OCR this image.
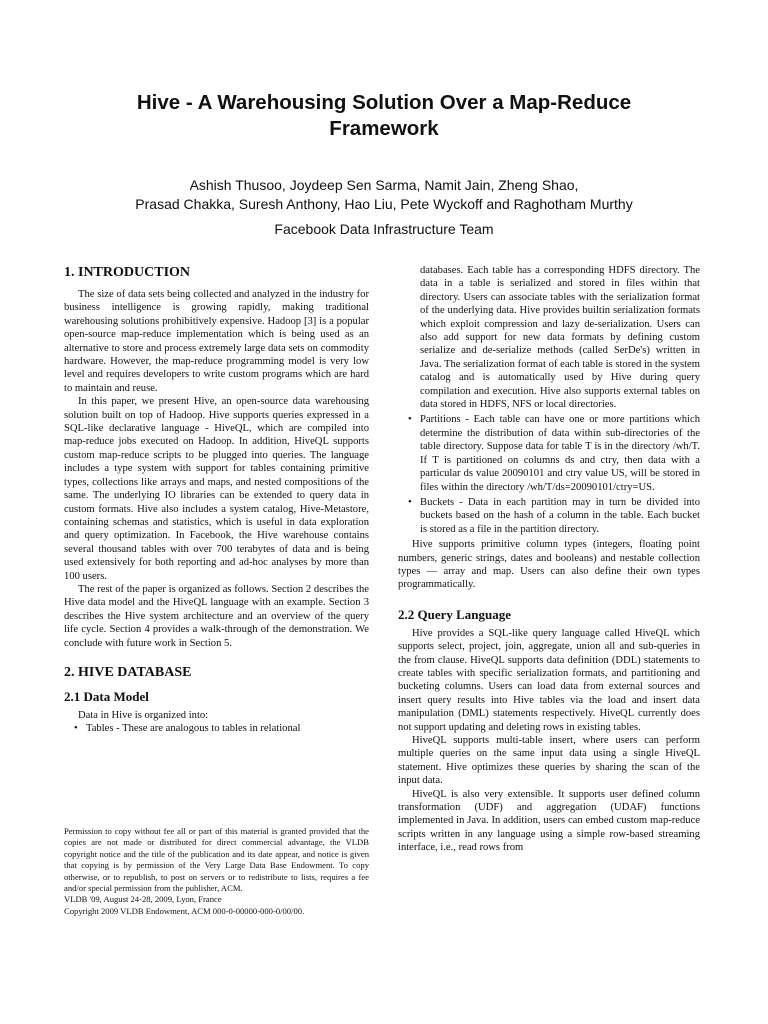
Hive - A Warehousing Solution Over a Map-Reduce
Framework
Ashish Thusoo, Joydeep Sen Sarma, Namit Jain, Zheng Shao,
Prasad Chakka, Suresh Anthony, Hao Liu, Pete Wyckoff and Raghotham Murthy
Facebook Data Infrastructure Team
1. INTRODUCTION

The size of data sets being collected and analyzed in the industry for business intelligence is growing rapidly, making traditional warehousing solutions prohibitively expensive. Hadoop [3] is a popular open-source map-reduce implementation which is being used as an alternative to store and process extremely large data sets on commodity hardware. However, the map-reduce programming model is very low level and requires developers to write custom programs which are hard to maintain and reuse.

In this paper, we present Hive, an open-source data warehousing solution built on top of Hadoop. Hive supports queries expressed in a SQL-like declarative language - HiveQL, which are compiled into map-reduce jobs executed on Hadoop. In addition, HiveQL supports custom map-reduce scripts to be plugged into queries. The language includes a type system with support for tables containing primitive types, collections like arrays and maps, and nested compositions of the same. The underlying IO libraries can be extended to query data in custom formats. Hive also includes a system catalog, Hive-Metastore, containing schemas and statistics, which is useful in data exploration and query optimization. In Facebook, the Hive warehouse contains several thousand tables with over 700 terabytes of data and is being used extensively for both reporting and ad-hoc analyses by more than 100 users.

The rest of the paper is organized as follows. Section 2 describes the Hive data model and the HiveQL language with an example. Section 3 describes the Hive system architecture and an overview of the query life cycle. Section 4 provides a walk-through of the demonstration. We conclude with future work in Section 5.

2. HIVE DATABASE
2.1 Data Model

Data in Hive is organized into:

• Tables - These are analogous to tables in relational
Permission to copy without fee all or part of this material is granted provided that the copies are not made or distributed for direct commercial advantage, the VLDB copyright notice and the title of the publication and its date appear, and notice is given that copying is by permission of the Very Large Data Base Endowment. To copy otherwise, or to republish, to post on servers or to redistribute to lists, requires a fee and/or special permission from the publisher, ACM.
VLDB '09, August 24-28, 2009, Lyon, France
Copyright 2009 VLDB Endowment, ACM 000-0-00000-000-0/00/00.

databases. Each table has a corresponding HDFS directory. The data in a table is serialized and stored in files within that directory. Users can associate tables with the serialization format of the underlying data. Hive provides builtin serialization formats which exploit compression and lazy de-serialization. Users can also add support for new data formats by defining custom serialize and de-serialize methods (called SerDe's) written in Java. The serialization format of each table is stored in the system catalog and is automatically used by Hive during query compilation and execution. Hive also supports external tables on data stored in HDFS, NFS or local directories.

• Partitions - Each table can have one or more partitions which determine the distribution of data within sub-directories of the table directory. Suppose data for table T is in the directory /wh/T. If T is partitioned on columns ds and ctry, then data with a particular ds value 20090101 and ctry value US, will be stored in files within the directory /wh/T/ds=20090101/ctry=US.
• Buckets - Data in each partition may in turn be divided into buckets based on the hash of a column in the table. Each bucket is stored as a file in the partition directory.

Hive supports primitive column types (integers, floating point numbers, generic strings, dates and booleans) and nestable collection types — array and map. Users can also define their own types programmatically.

2.2 Query Language

Hive provides a SQL-like query language called HiveQL which supports select, project, join, aggregate, union all and sub-queries in the from clause. HiveQL supports data definition (DDL) statements to create tables with specific serialization formats, and partitioning and bucketing columns. Users can load data from external sources and insert query results into Hive tables via the load and insert data manipulation (DML) statements respectively. HiveQL currently does not support updating and deleting rows in existing tables.

HiveQL supports multi-table insert, where users can perform multiple queries on the same input data using a single HiveQL statement. Hive optimizes these queries by sharing the scan of the input data.

HiveQL is also very extensible. It supports user defined column transformation (UDF) and aggregation (UDAF) functions implemented in Java. In addition, users can embed custom map-reduce scripts written in any language using a simple row-based streaming interface, i.e., read rows from
